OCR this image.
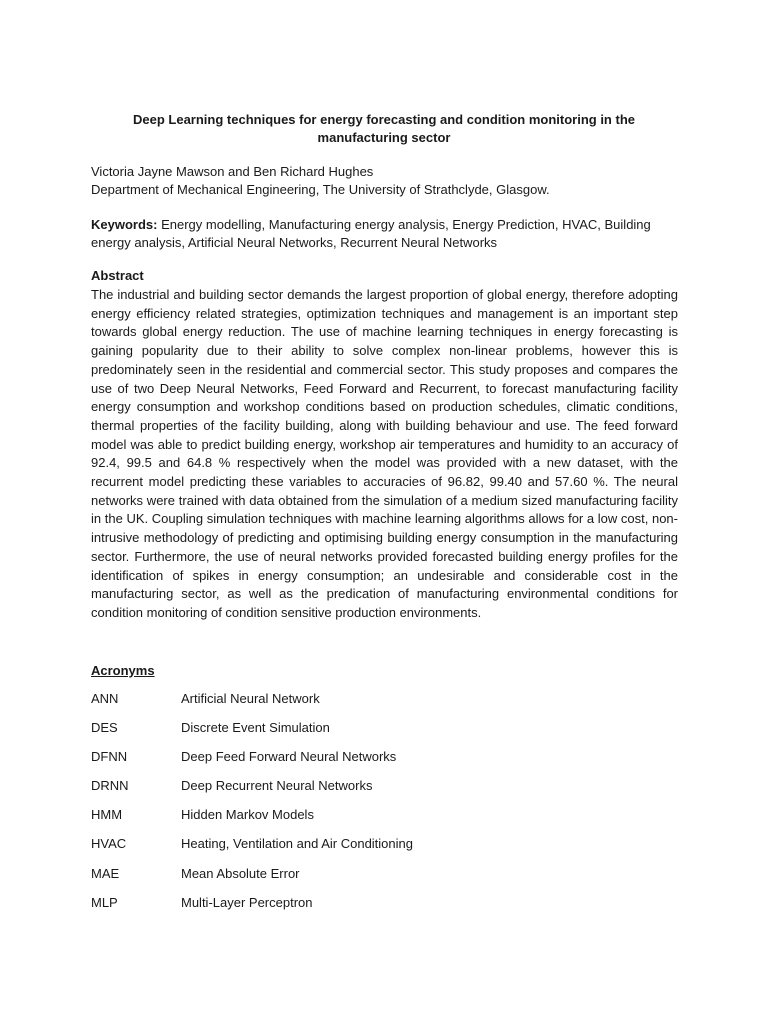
Deep Learning techniques for energy forecasting and condition monitoring in the manufacturing sector
Victoria Jayne Mawson and Ben Richard Hughes
Department of Mechanical Engineering, The University of Strathclyde, Glasgow.
Keywords: Energy modelling, Manufacturing energy analysis, Energy Prediction, HVAC, Building energy analysis, Artificial Neural Networks, Recurrent Neural Networks
Abstract
The industrial and building sector demands the largest proportion of global energy, therefore adopting energy efficiency related strategies, optimization techniques and management is an important step towards global energy reduction. The use of machine learning techniques in energy forecasting is gaining popularity due to their ability to solve complex non-linear problems, however this is predominately seen in the residential and commercial sector. This study proposes and compares the use of two Deep Neural Networks, Feed Forward and Recurrent, to forecast manufacturing facility energy consumption and workshop conditions based on production schedules, climatic conditions, thermal properties of the facility building, along with building behaviour and use. The feed forward model was able to predict building energy, workshop air temperatures and humidity to an accuracy of 92.4, 99.5 and 64.8 % respectively when the model was provided with a new dataset, with the recurrent model predicting these variables to accuracies of 96.82, 99.40 and 57.60 %. The neural networks were trained with data obtained from the simulation of a medium sized manufacturing facility in the UK. Coupling simulation techniques with machine learning algorithms allows for a low cost, non-intrusive methodology of predicting and optimising building energy consumption in the manufacturing sector. Furthermore, the use of neural networks provided forecasted building energy profiles for the identification of spikes in energy consumption; an undesirable and considerable cost in the manufacturing sector, as well as the predication of manufacturing environmental conditions for condition monitoring of condition sensitive production environments.
Acronyms
ANN	Artificial Neural Network
DES	Discrete Event Simulation
DFNN	Deep Feed Forward Neural Networks
DRNN	Deep Recurrent Neural Networks
HMM	Hidden Markov Models
HVAC	Heating, Ventilation and Air Conditioning
MAE	Mean Absolute Error
MLP	Multi-Layer Perceptron
